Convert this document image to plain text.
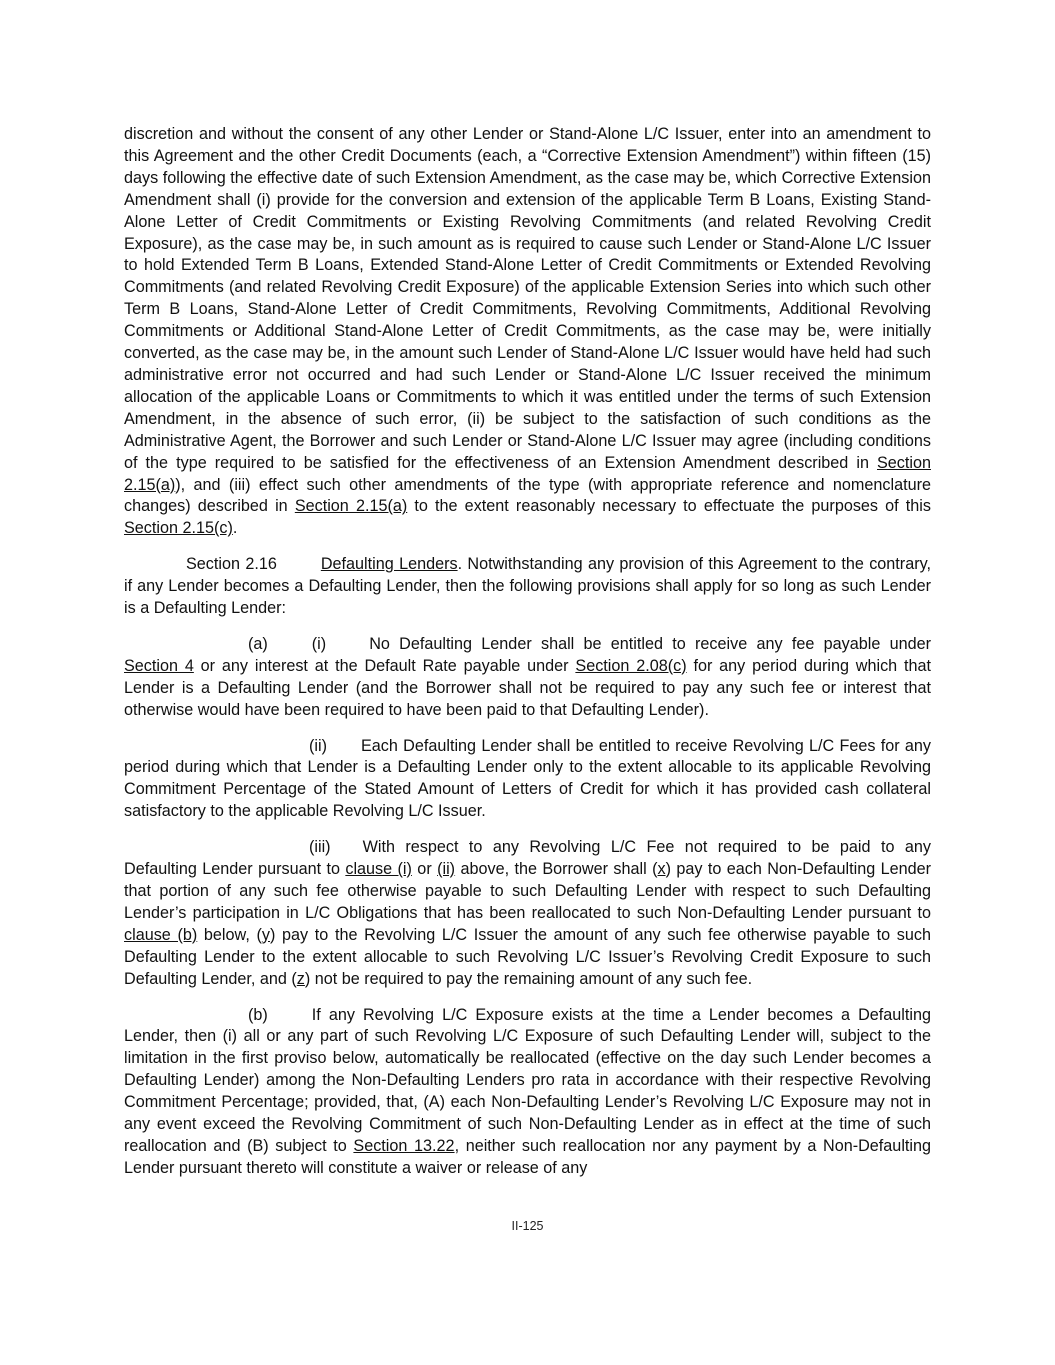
discretion and without the consent of any other Lender or Stand-Alone L/C Issuer, enter into an amendment to this Agreement and the other Credit Documents (each, a “Corrective Extension Amendment”) within fifteen (15) days following the effective date of such Extension Amendment, as the case may be, which Corrective Extension Amendment shall (i) provide for the conversion and extension of the applicable Term B Loans, Existing Stand-Alone Letter of Credit Commitments or Existing Revolving Commitments (and related Revolving Credit Exposure), as the case may be, in such amount as is required to cause such Lender or Stand-Alone L/C Issuer to hold Extended Term B Loans, Extended Stand-Alone Letter of Credit Commitments or Extended Revolving Commitments (and related Revolving Credit Exposure) of the applicable Extension Series into which such other Term B Loans, Stand-Alone Letter of Credit Commitments, Revolving Commitments, Additional Revolving Commitments or Additional Stand-Alone Letter of Credit Commitments, as the case may be, were initially converted, as the case may be, in the amount such Lender of Stand-Alone L/C Issuer would have held had such administrative error not occurred and had such Lender or Stand-Alone L/C Issuer received the minimum allocation of the applicable Loans or Commitments to which it was entitled under the terms of such Extension Amendment, in the absence of such error, (ii) be subject to the satisfaction of such conditions as the Administrative Agent, the Borrower and such Lender or Stand-Alone L/C Issuer may agree (including conditions of the type required to be satisfied for the effectiveness of an Extension Amendment described in Section 2.15(a)), and (iii) effect such other amendments of the type (with appropriate reference and nomenclature changes) described in Section 2.15(a) to the extent reasonably necessary to effectuate the purposes of this Section 2.15(c).

Section 2.16	Defaulting Lenders. Notwithstanding any provision of this Agreement to the contrary, if any Lender becomes a Defaulting Lender, then the following provisions shall apply for so long as such Lender is a Defaulting Lender:

(a)	(i)	No Defaulting Lender shall be entitled to receive any fee payable under Section 4 or any interest at the Default Rate payable under Section 2.08(c) for any period during which that Lender is a Defaulting Lender (and the Borrower shall not be required to pay any such fee or interest that otherwise would have been required to have been paid to that Defaulting Lender).

(ii) Each Defaulting Lender shall be entitled to receive Revolving L/C Fees for any period during which that Lender is a Defaulting Lender only to the extent allocable to its applicable Revolving Commitment Percentage of the Stated Amount of Letters of Credit for which it has provided cash collateral satisfactory to the applicable Revolving L/C Issuer.

(iii) With respect to any Revolving L/C Fee not required to be paid to any Defaulting Lender pursuant to clause (i) or (ii) above, the Borrower shall (x) pay to each Non-Defaulting Lender that portion of any such fee otherwise payable to such Defaulting Lender with respect to such Defaulting Lender’s participation in L/C Obligations that has been reallocated to such Non-Defaulting Lender pursuant to clause (b) below, (y) pay to the Revolving L/C Issuer the amount of any such fee otherwise payable to such Defaulting Lender to the extent allocable to such Revolving L/C Issuer’s Revolving Credit Exposure to such Defaulting Lender, and (z) not be required to pay the remaining amount of any such fee.

(b)	If any Revolving L/C Exposure exists at the time a Lender becomes a Defaulting Lender, then (i) all or any part of such Revolving L/C Exposure of such Defaulting Lender will, subject to the limitation in the first proviso below, automatically be reallocated (effective on the day such Lender becomes a Defaulting Lender) among the Non-Defaulting Lenders pro rata in accordance with their respective Revolving Commitment Percentage; provided, that, (A) each Non-Defaulting Lender’s Revolving L/C Exposure may not in any event exceed the Revolving Commitment of such Non-Defaulting Lender as in effect at the time of such reallocation and (B) subject to Section 13.22, neither such reallocation nor any payment by a Non-Defaulting Lender pursuant thereto will constitute a waiver or release of any

II-125
